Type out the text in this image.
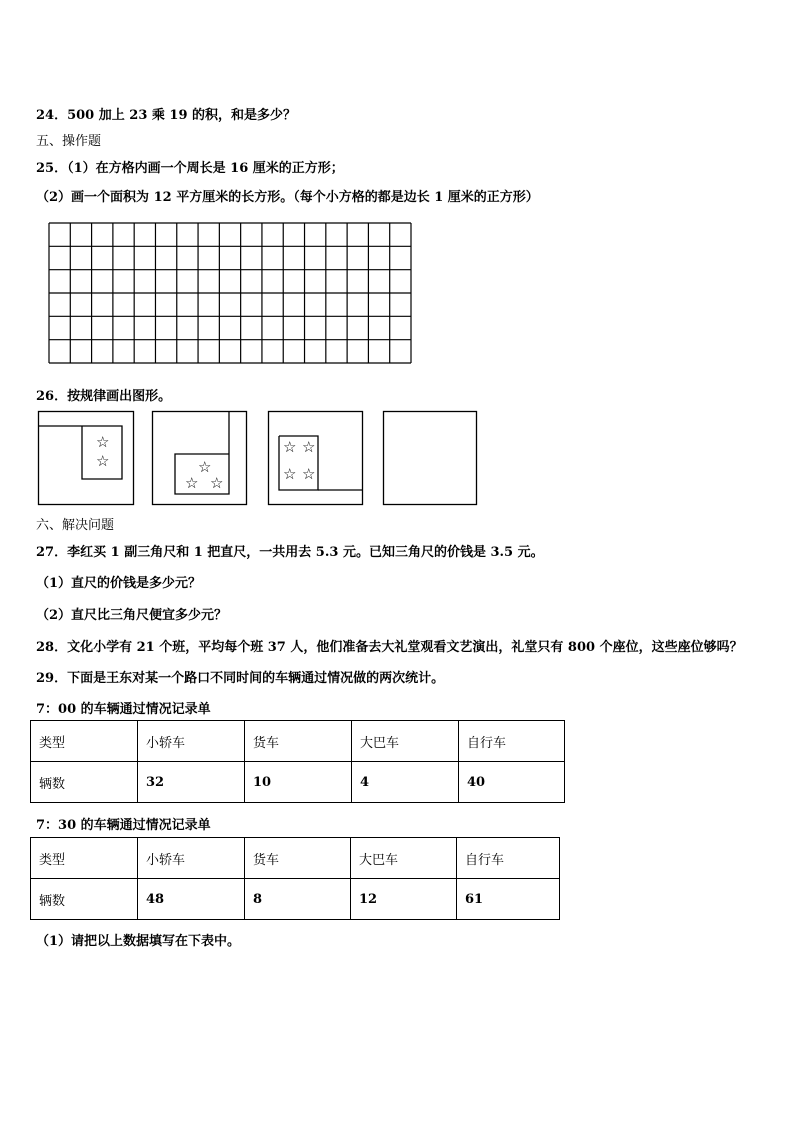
24．500 加上 23 乘 19 的积，和是多少？
五、操作题
25．（1）在方格内画一个周长是 16 厘米的正方形；
（2）画一个面积为 12 平方厘米的长方形。（每个小方格的都是边长 1 厘米的正方形）
26．按规律画出图形。
☆
☆	☆
☆ ☆
☆ ☆
☆ ☆
六、解决问题
27．李红买 1 副三角尺和 1 把直尺，一共用去 5.3 元。已知三角尺的价钱是 3.5 元。
（1）直尺的价钱是多少元？
（2）直尺比三角尺便宜多少元？
28．文化小学有 21 个班，平均每个班 37 人，他们准备去大礼堂观看文艺演出，礼堂只有 800 个座位，这些座位够吗？
29．下面是王东对某一个路口不同时间的车辆通过情况做的两次统计。
7：00 的车辆通过情况记录单
类型	小轿车	货车	大巴车	自行车
辆数	32	10	4	40
7：30 的车辆通过情况记录单
类型	小轿车	货车	大巴车	自行车
辆数	48	8	12	61
（1）请把以上数据填写在下表中。
